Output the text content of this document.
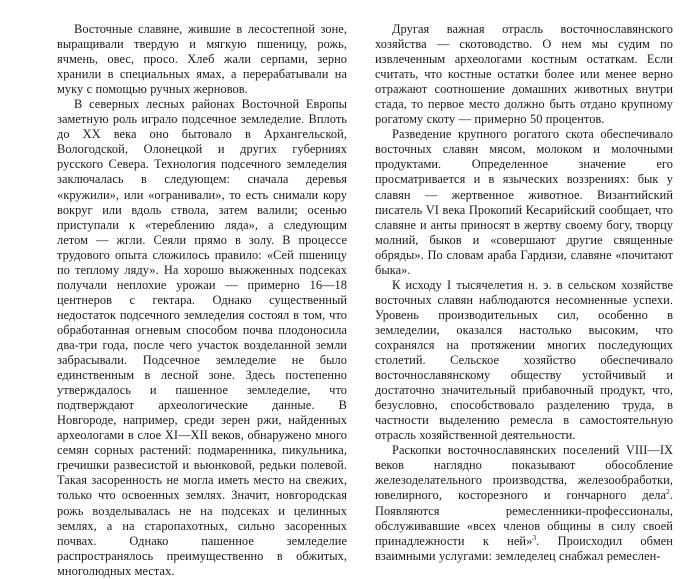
Восточные славяне, жившие в лесостепной зоне, выращивали твердую и мягкую пшеницу, рожь, ячмень, овес, просо. Хлеб жали серпами, зерно хранили в специальных ямах, а перерабатывали на муку с помощью ручных жерновов.

В северных лесных районах Восточной Европы заметную роль играло подсечное земледелие. Вплоть до XX века оно бытовало в Архангельской, Вологодской, Олонецкой и других губерниях русского Севера. Технология подсечного земледелия заключалась в следующем: сначала деревья «кружили», или «огранивали», то есть снимали кору вокруг или вдоль ствола, затем валили; осенью приступали к «тереблению ляда», а следующим летом — жгли. Сеяли прямо в золу. В процессе трудового опыта сложилось правило: «Сей пшеницу по теплому ляду». На хорошо выжженных подсеках получали неплохие урожаи — примерно 16—18 центнеров с гектара. Однако существенный недостаток подсечного земледелия состоял в том, что обработанная огневым способом почва плодоносила два-три года, после чего участок возделанной земли забрасывали. Подсечное земледелие не было единственным в лесной зоне. Здесь постепенно утверждалось и пашенное земледелие, что подтверждают археологические данные. В Новгороде, например, среди зерен ржи, найденных археологами в слое XI—XII веков, обнаружено много семян сорных растений: подмаренника, пикульника, гречишки развесистой и вьюнковой, редьки полевой. Такая засоренность не могла иметь место на свежих, только что освоенных землях. Значит, новгородская рожь возделывалась не на подсеках и целинных землях, а на старопахотных, сильно засоренных почвах. Однако пашенное земледелие распространялось преимущественно в обжитых, многолюдных местах.

Другая важная отрасль восточнославянского хозяйства — скотоводство. О нем мы судим по извлеченным археологами костным остаткам. Если считать, что костные остатки более или менее верно отражают соотношение домашних животных внутри стада, то первое место должно быть отдано крупному рогатому скоту — примерно 50 процентов.

Разведение крупного рогатого скота обеспечивало восточных славян мясом, молоком и молочными продуктами. Определенное значение его просматривается и в языческих воззрениях: бык у славян — жертвенное животное. Византийский писатель VI века Прокопий Кесарийский сообщает, что славяне и анты приносят в жертву своему богу, творцу молний, быков и «совершают другие священные обряды». По словам араба Гардизи, славяне «почитают быка».

К исходу I тысячелетия н. э. в сельском хозяйстве восточных славян наблюдаются несомненные успехи. Уровень производительных сил, особенно в земледелии, оказался настолько высоким, что сохранялся на протяжении многих последующих столетий. Сельское хозяйство обеспечивало восточнославянскому обществу устойчивый и достаточно значительный прибавочный продукт, что, безусловно, способствовало разделению труда, в частности выделению ремесла в самостоятельную отрасль хозяйственной деятельности.

Раскопки восточнославянских поселений VIII—IX веков наглядно показывают обособление железоделательного производства, железообработки, ювелирного, косторезного и гончарного дела$^2$. Появляются ремесленники-профессионалы, обслуживавшие «всех членов общины в силу своей принадлежности к ней»$^3$. Происходил обмен взаимными услугами: земледелец снабжал ремеслен-
